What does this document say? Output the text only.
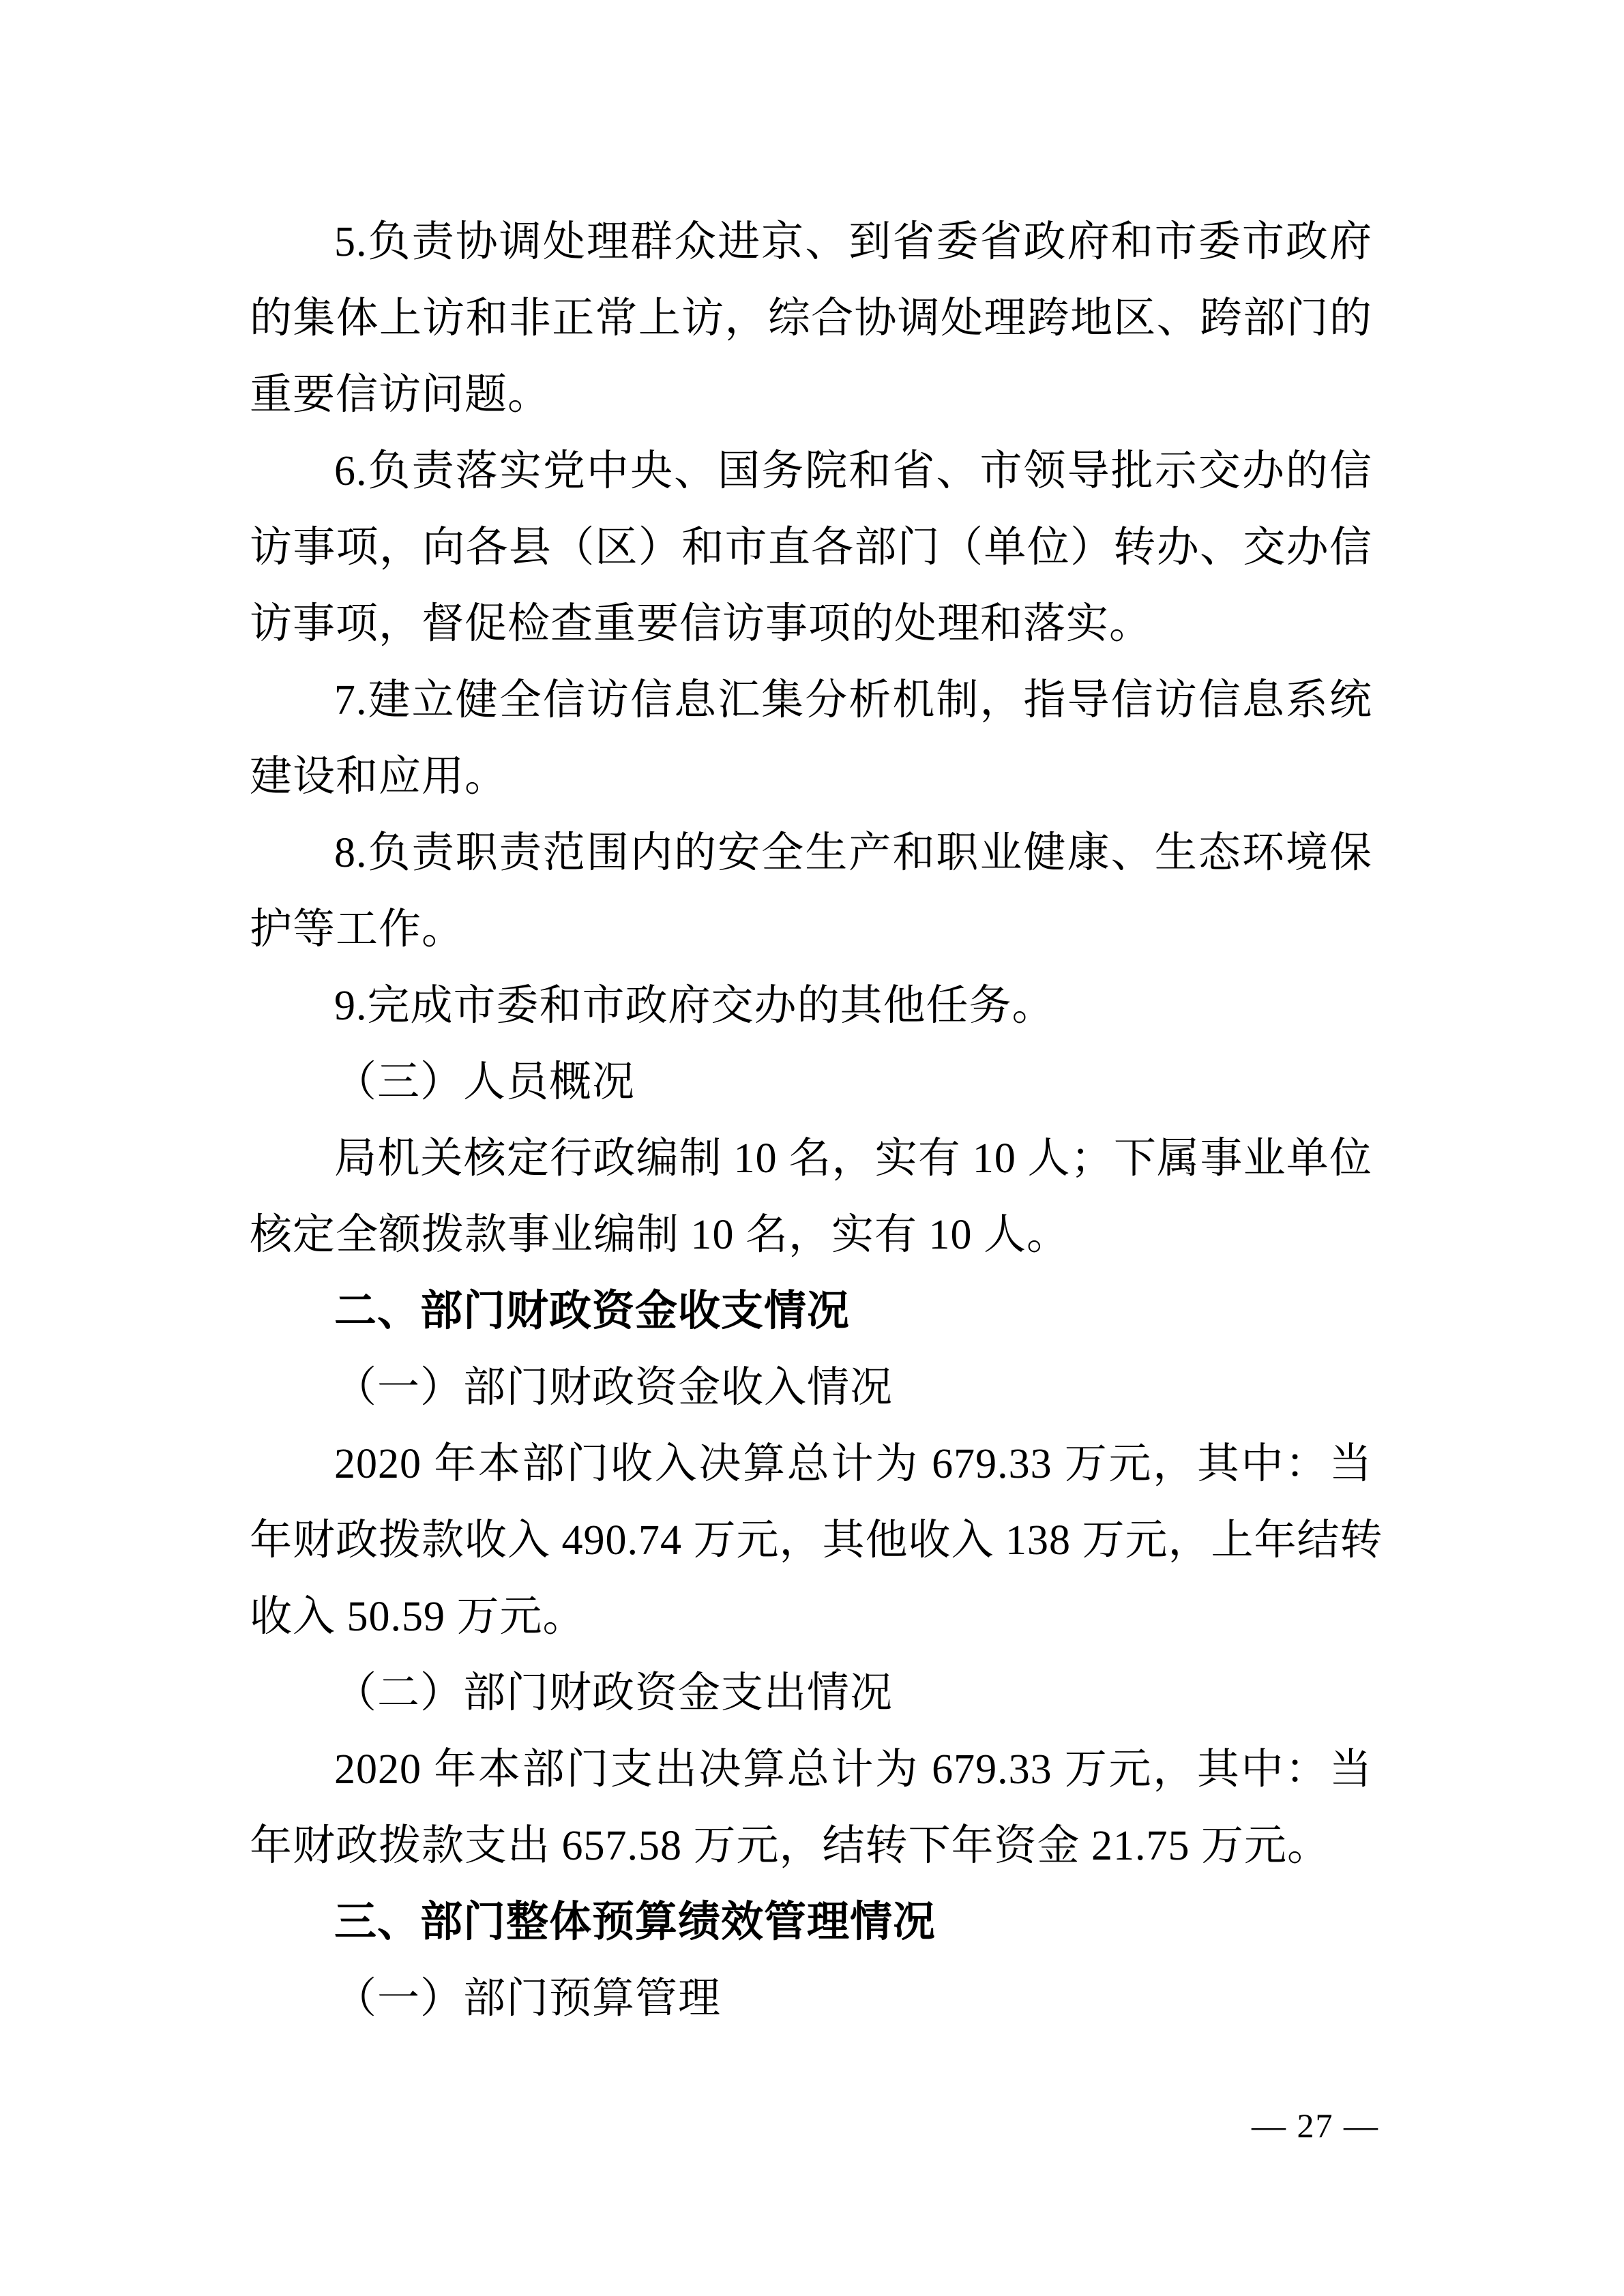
5.负责协调处理群众进京、到省委省政府和市委市政府
的集体上访和非正常上访，综合协调处理跨地区、跨部门的
重要信访问题。
6.负责落实党中央、国务院和省、市领导批示交办的信
访事项，向各县（区）和市直各部门（单位）转办、交办信
访事项，督促检查重要信访事项的处理和落实。
7.建立健全信访信息汇集分析机制，指导信访信息系统
建设和应用。
8.负责职责范围内的安全生产和职业健康、生态环境保
护等工作。
9.完成市委和市政府交办的其他任务。
（三）人员概况
局机关核定行政编制 10 名，实有 10 人；下属事业单位
核定全额拨款事业编制 10 名，实有 10 人。
二、部门财政资金收支情况
（一）部门财政资金收入情况
2020 年本部门收入决算总计为 679.33 万元，其中：当
年财政拨款收入 490.74 万元，其他收入 138 万元，上年结转
收入 50.59 万元。
（二）部门财政资金支出情况
2020 年本部门支出决算总计为 679.33 万元，其中：当
年财政拨款支出 657.58 万元，结转下年资金 21.75 万元。
三、部门整体预算绩效管理情况
（一）部门预算管理
— 27 —
